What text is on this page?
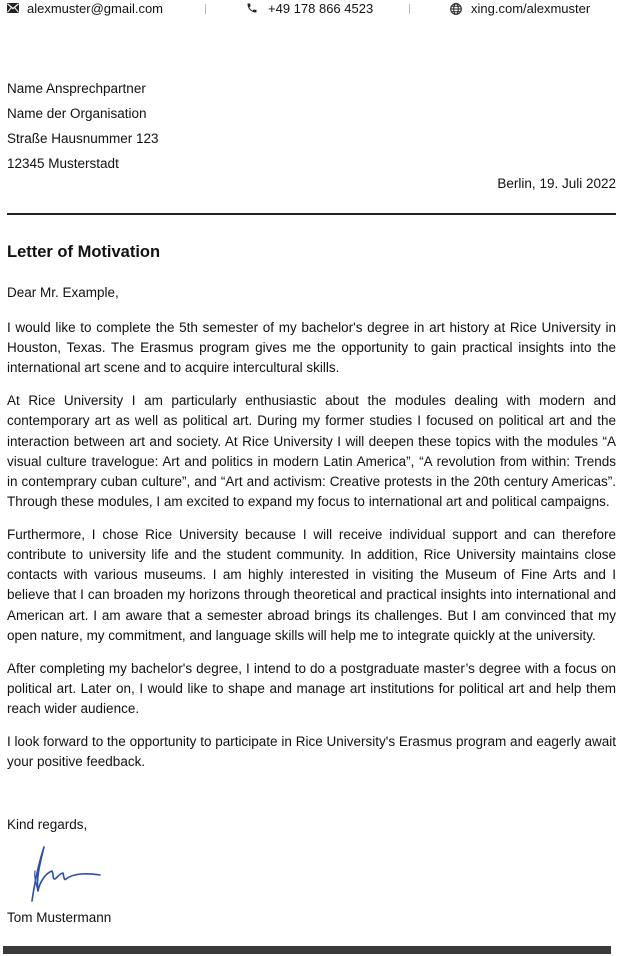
alexmuster@gmail.com	+49 178 866 4523	xing.com/alexmuster
Name Ansprechpartner
Name der Organisation
Straße Hausnummer 123
12345 Musterstadt
Berlin, 19. Juli 2022
Letter of Motivation
Dear Mr. Example,

I would like to complete the 5th semester of my bachelor's degree in art history at Rice University in Houston, Texas. The Erasmus program gives me the opportunity to gain practical insights into the international art scene and to acquire intercultural skills.

At Rice University I am particularly enthusiastic about the modules dealing with modern and contemporary art as well as political art. During my former studies I focused on political art and the interaction between art and society. At Rice University I will deepen these topics with the modules “A visual culture travelogue: Art and politics in modern Latin America”, “A revolution from within: Trends in contemprary cuban culture”, and “Art and activism: Creative protests in the 20th century Americas”. Through these modules, I am excited to expand my focus to international art and political campaigns.

Furthermore, I chose Rice University because I will receive individual support and can therefore contribute to university life and the student community. In addition, Rice University maintains close contacts with various museums. I am highly interested in visiting the Museum of Fine Arts and I believe that I can broaden my horizons through theoretical and practical insights into international and American art. I am aware that a semester abroad brings its challenges. But I am convinced that my open nature, my commitment, and language skills will help me to integrate quickly at the university.

After completing my bachelor's degree, I intend to do a postgraduate master’s degree with a focus on political art. Later on, I would like to shape and manage art institutions for political art and help them reach wider audience.

I look forward to the opportunity to participate in Rice University's Erasmus program and eagerly await your positive feedback.

Kind regards,
Tom Mustermann
